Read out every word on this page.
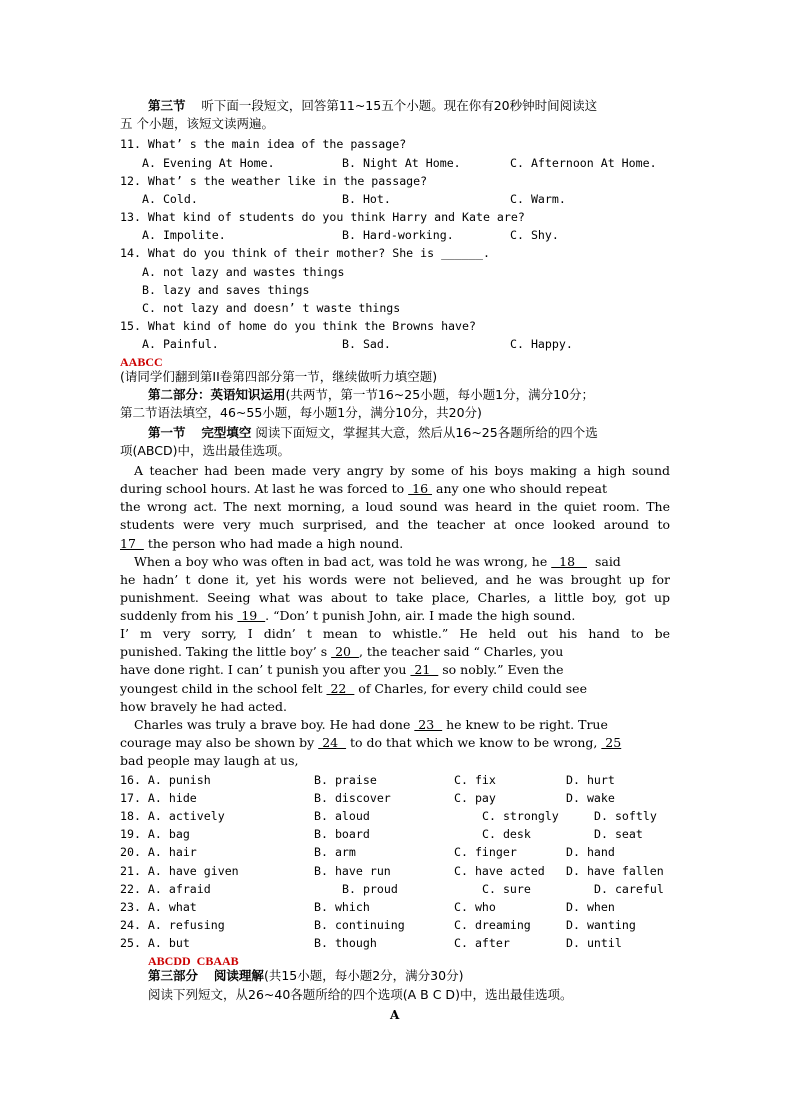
第三节 听下面一段短文，回答第11~15五个小题。现在你有20秒钟时间阅读这
五 个小题，该短文读两遍。
11. What’ s the main idea of the passage?
A. Evening At Home.	B. Night At Home.	C. Afternoon At Home.
12. What’ s the weather like in the passage?
A. Cold.	B. Hot.	C. Warm.
13. What kind of students do you think Harry and Kate are?
A. Impolite.	B. Hard-working.	C. Shy.
14. What do you think of their mother? She is ______.
A. not lazy and wastes things
B. lazy and saves things
C. not lazy and doesn’ t waste things
15. What kind of home do you think the Browns have?
A. Painful.	B. Sad.	C. Happy.
AABCC
(请同学们翻到第II卷第四部分第一节，继续做听力填空题)
第二部分：英语知识运用(共两节，第一节16~25小题，每小题1分，满分10分；
第二节语法填空，46~55小题，每小题1分，满分10分，共20分)
第一节 完型填空 阅读下面短文，掌握其大意，然后从16~25各题所给的四个选
项(ABCD)中，选出最佳选项。
A teacher had been made very angry by some of his boys making a high sound
during school hours. At last he was forced to  16  any one who should repeat
the wrong act. The next morning, a loud sound was heard in the quiet room. The
students were very much surprised, and the teacher at once looked around to
17   the person who had made a high nound.
When a boy who was often in bad act, was told he was wrong, he   18     said
he hadn’ t done it, yet his words were not believed, and he was brought up for
punishment. Seeing what was about to take place, Charles, a little boy, got up
suddenly from his  19  . “Don’ t punish John, air. I made the high sound.
I’ m very sorry, I didn’ t mean to whistle.” He held out his hand to be
punished. Taking the little boy’ s  20  , the teacher said “ Charles, you
have done right. I can’ t punish you after you  21   so nobly.” Even the
youngest child in the school felt  22   of Charles, for every child could see
how bravely he had acted.
Charles was truly a brave boy. He had done  23   he knew to be right. True
courage may also be shown by  24   to do that which we know to be wrong,  25
bad people may laugh at us,
16. A. punish	B. praise	C. fix	D. hurt
17. A. hide	B. discover	C. pay	D. wake
18. A. actively	B. aloud	C. strongly	D. softly
19. A. bag	B. board	C. desk	D. seat
20. A. hair	B. arm	C. finger	D. hand
21. A. have given	B. have run	C. have acted D. have fallen
22. A. afraid	B. proud	C. sure	D. careful
23. A. what	B. which	C. who	D. when
24. A. refusing	B. continuing	C. dreaming	D. wanting
25. A. but	B. though	C. after	D. until
ABCDD  CBAAB
第三部分 阅读理解(共15小题，每小题2分，满分30分)
阅读下列短文，从26~40各题所给的四个选项(A B C D)中，选出最佳选项。
A
